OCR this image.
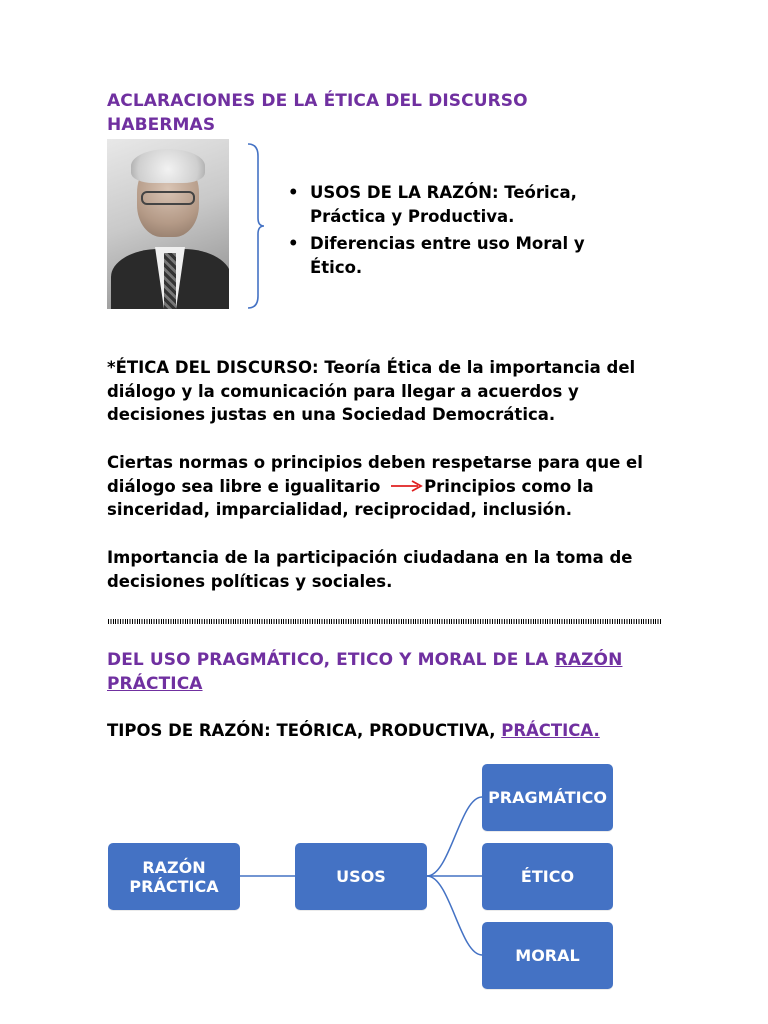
ACLARACIONES DE LA ÉTICA DEL DISCURSO
HABERMAS
• USOS DE LA RAZÓN: Teórica, Práctica y Productiva.
• Diferencias entre uso Moral y Ético.
*ÉTICA DEL DISCURSO: Teoría Ética de la importancia del diálogo y la comunicación para llegar a acuerdos y decisiones justas en una Sociedad Democrática.
Ciertas normas o principios deben respetarse para que el diálogo sea libre e igualitario	Principios como la sinceridad, imparcialidad, reciprocidad, inclusión.
Importancia de la participación ciudadana en la toma de decisiones políticas y sociales.
DEL USO PRAGMÁTICO, ETICO Y MORAL DE LA RAZÓN PRÁCTICA
TIPOS DE RAZÓN: TEÓRICA, PRODUCTIVA, PRÁCTICA.
RAZÓN PRÁCTICA	USOS
PRAGMÁTICO
ÉTICO
MORAL
